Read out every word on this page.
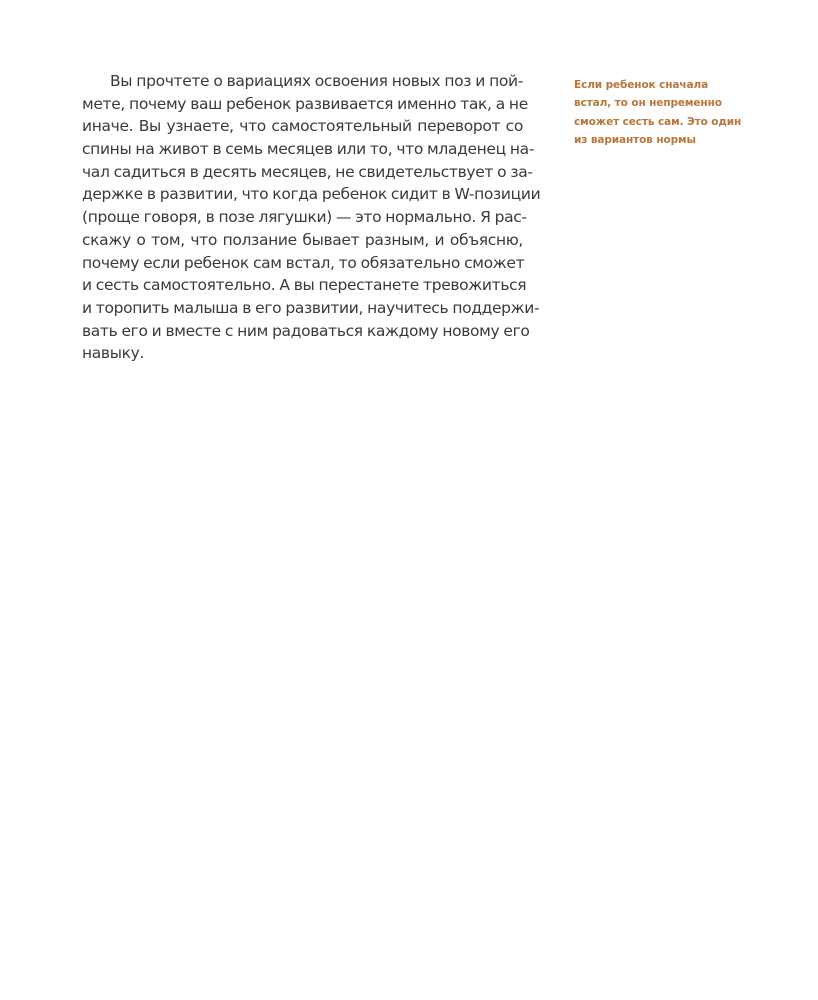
Вы прочтете о вариациях освоения новых поз и пой-
мете, почему ваш ребенок развивается именно так, а не
иначе. Вы узнаете, что самостоятельный переворот со
спины на живот в семь месяцев или то, что младенец на-
чал садиться в десять месяцев, не свидетельствует о за-
держке в развитии, что когда ребенок сидит в W-позиции
(проще говоря, в позе лягушки) — это нормально. Я рас-
скажу о том, что ползание бывает разным, и объясню,
почему если ребенок сам встал, то обязательно сможет
и сесть самостоятельно. А вы перестанете тревожиться
и торопить малыша в его развитии, научитесь поддержи-
вать его и вместе с ним радоваться каждому новому его
навыку.
Если ребенок сначала
встал, то он непременно
сможет сесть сам. Это один
из вариантов нормы
